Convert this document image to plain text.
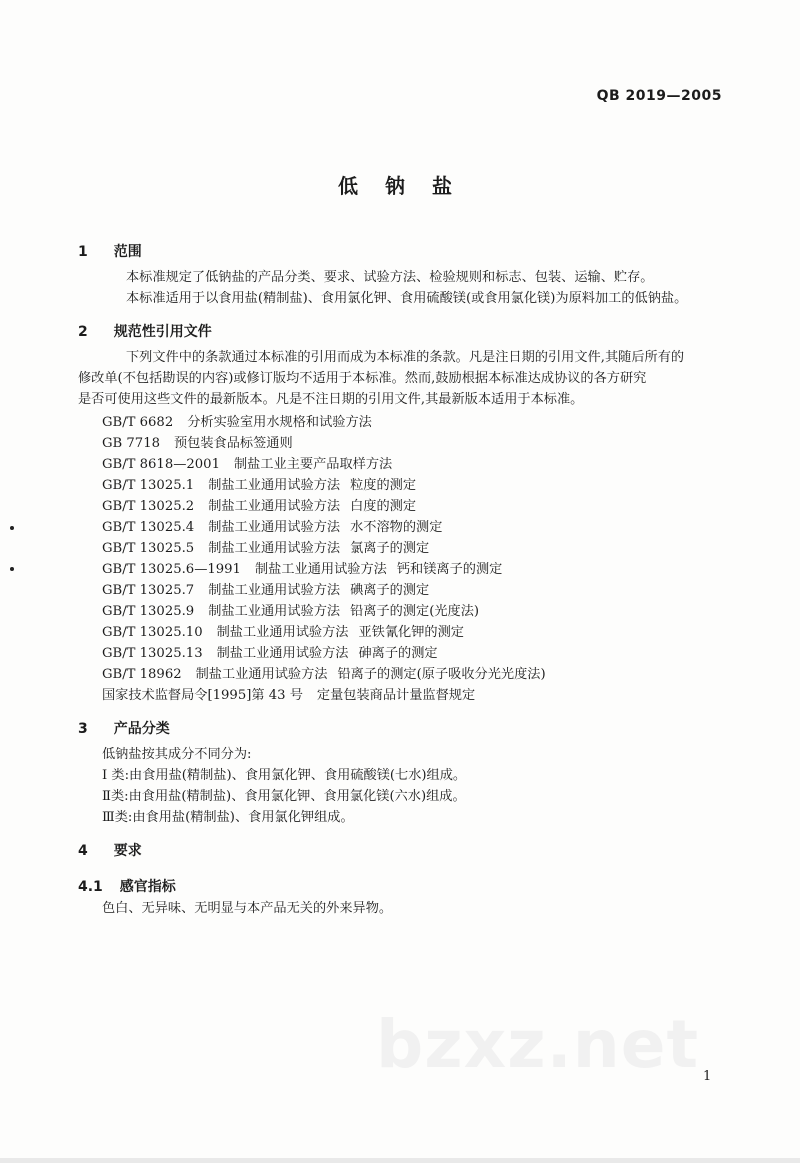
QB 2019—2005
低 钠 盐
1 范围

本标准规定了低钠盐的产品分类、要求、试验方法、检验规则和标志、包装、运输、贮存。

本标准适用于以食用盐(精制盐)、食用氯化钾、食用硫酸镁(或食用氯化镁)为原料加工的低钠盐。

2 规范性引用文件

下列文件中的条款通过本标准的引用而成为本标准的条款。凡是注日期的引用文件,其随后所有的

修改单(不包括勘误的内容)或修订版均不适用于本标准。然而,鼓励根据本标准达成协议的各方研究

是否可使用这些文件的最新版本。凡是不注日期的引用文件,其最新版本适用于本标准。

GB/T 6682 分析实验室用水规格和试验方法
GB 7718 预包装食品标签通则
GB/T 8618—2001 制盐工业主要产品取样方法
GB/T 13025.1 制盐工业通用试验方法 粒度的测定
GB/T 13025.2 制盐工业通用试验方法 白度的测定
GB/T 13025.4 制盐工业通用试验方法 水不溶物的测定
GB/T 13025.5 制盐工业通用试验方法 氯离子的测定
GB/T 13025.6—1991 制盐工业通用试验方法 钙和镁离子的测定
GB/T 13025.7 制盐工业通用试验方法 碘离子的测定
GB/T 13025.9 制盐工业通用试验方法 铅离子的测定(光度法)
GB/T 13025.10 制盐工业通用试验方法 亚铁氰化钾的测定
GB/T 13025.13 制盐工业通用试验方法 砷离子的测定
GB/T 18962 制盐工业通用试验方法 铅离子的测定(原子吸收分光光度法)
国家技术监督局令[1995]第 43 号 定量包装商品计量监督规定
3 产品分类

低钠盐按其成分不同分为:

I 类:由食用盐(精制盐)、食用氯化钾、食用硫酸镁(七水)组成。

Ⅱ类:由食用盐(精制盐)、食用氯化钾、食用氯化镁(六水)组成。

Ⅲ类:由食用盐(精制盐)、食用氯化钾组成。

4 要求
4.1 感官指标

色白、无异味、无明显与本产品无关的外来异物。

bzxz.net 1
